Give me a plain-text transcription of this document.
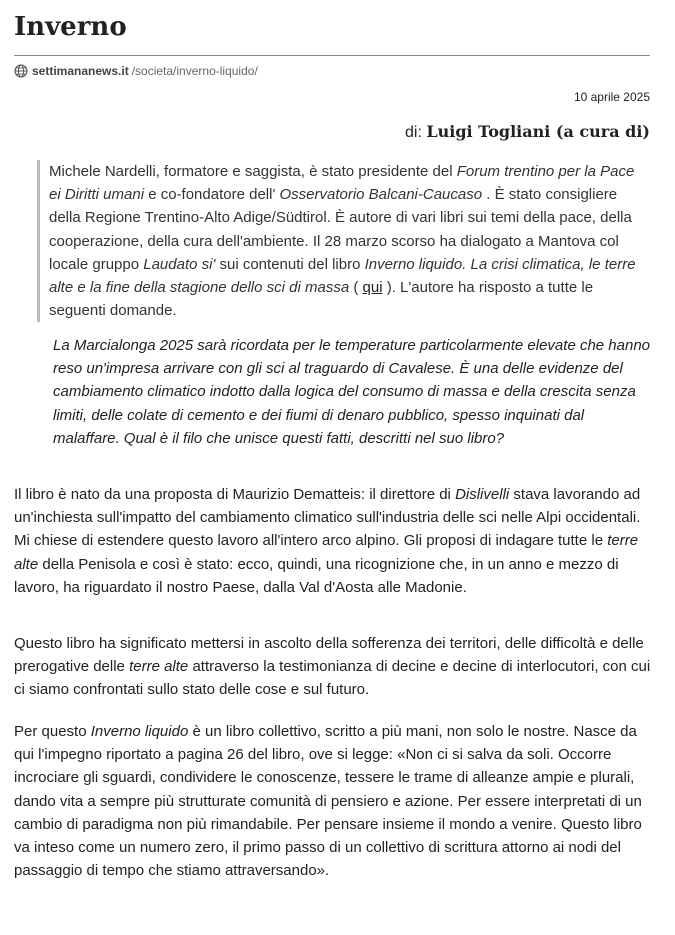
Inverno
settimananews.it /societa/inverno-liquido/
10 aprile 2025
di: Luigi Togliani (a cura di)
Michele Nardelli, formatore e saggista, è stato presidente del Forum trentino per la Pace ei Diritti umani e co-fondatore dell' Osservatorio Balcani-Caucaso . È stato consigliere della Regione Trentino-Alto Adige/Südtirol. È autore di vari libri sui temi della pace, della cooperazione, della cura dell'ambiente. Il 28 marzo scorso ha dialogato a Mantova col locale gruppo Laudato si' sui contenuti del libro Inverno liquido. La crisi climatica, le terre alte e la fine della stagione dello sci di massa ( qui ). L'autore ha risposto a tutte le seguenti domande.
La Marcialonga 2025 sarà ricordata per le temperature particolarmente elevate che hanno reso un'impresa arrivare con gli sci al traguardo di Cavalese. È una delle evidenze del cambiamento climatico indotto dalla logica del consumo di massa e della crescita senza limiti, delle colate di cemento e dei fiumi di denaro pubblico, spesso inquinati dal malaffare. Qual è il filo che unisce questi fatti, descritti nel suo libro?

Il libro è nato da una proposta di Maurizio Dematteis: il direttore di Dislivelli stava lavorando ad un'inchiesta sull'impatto del cambiamento climatico sull'industria delle sci nelle Alpi occidentali. Mi chiese di estendere questo lavoro all'intero arco alpino. Gli proposi di indagare tutte le terre alte della Penisola e così è stato: ecco, quindi, una ricognizione che, in un anno e mezzo di lavoro, ha riguardato il nostro Paese, dalla Val d'Aosta alle Madonie.

Questo libro ha significato mettersi in ascolto della sofferenza dei territori, delle difficoltà e delle prerogative delle terre alte attraverso la testimonianza di decine e decine di interlocutori, con cui ci siamo confrontati sullo stato delle cose e sul futuro.

Per questo Inverno liquido è un libro collettivo, scritto a più mani, non solo le nostre. Nasce da qui l'impegno riportato a pagina 26 del libro, ove si legge: «Non ci si salva da soli. Occorre incrociare gli sguardi, condividere le conoscenze, tessere le trame di alleanze ampie e plurali, dando vita a sempre più strutturate comunità di pensiero e azione. Per essere interpretati di un cambio di paradigma non più rimandabile. Per pensare insieme il mondo a venire. Questo libro va inteso come un numero zero, il primo passo di un collettivo di scrittura attorno ai nodi del passaggio di tempo che stiamo attraversando».
